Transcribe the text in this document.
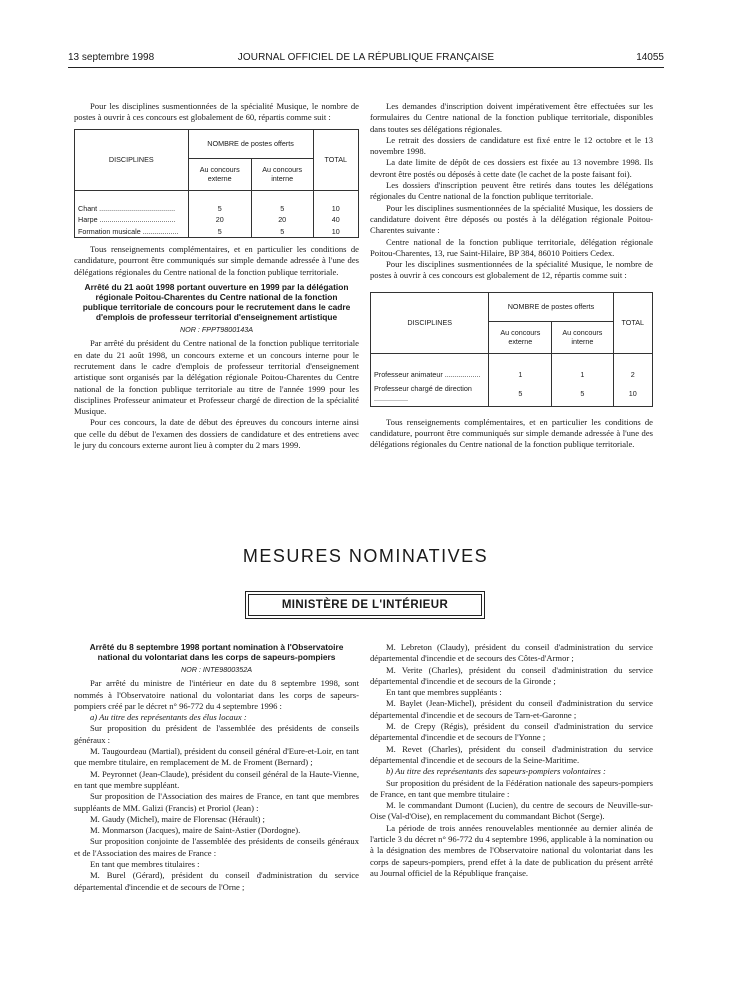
13 septembre 1998	JOURNAL OFFICIEL DE LA RÉPUBLIQUE FRANÇAISE	14055

Pour les disciplines susmentionnées de la spécialité Musique, le nombre de postes à ouvrir à ces concours est globalement de 60, répartis comme suit :

DISCIPLINES	NOMBRE de postes offerts		TOTAL
	Au concours externe	Au concours interne	

Chant ......................................	5	5	10
Harpe ......................................	20	20	40
Formation musicale ..................	5	5	10

Tous renseignements complémentaires, et en particulier les conditions de candidature, pourront être communiqués sur simple demande adressée à l'une des délégations régionales du Centre national de la fonction publique territoriale.

Arrêté du 21 août 1998 portant ouverture en 1999 par la délégation régionale Poitou-Charentes du Centre national de la fonction publique territoriale de concours pour le recrutement dans le cadre d'emplois de professeur territorial d'enseignement artistique
NOR : FPPT9800143A

Par arrêté du président du Centre national de la fonction publique territoriale en date du 21 août 1998, un concours externe et un concours interne pour le recrutement dans le cadre d'emplois de professeur territorial d'enseignement artistique sont organisés par la délégation régionale Poitou-Charentes du Centre national de la fonction publique territoriale au titre de l'année 1999 pour les disciplines Professeur animateur et Professeur chargé de direction de la spécialité Musique.

Pour ces concours, la date de début des épreuves du concours interne ainsi que celle du début de l'examen des dossiers de candidature et des entretiens avec le jury du concours externe auront lieu à compter du 2 mars 1999.

Les demandes d'inscription doivent impérativement être effectuées sur les formulaires du Centre national de la fonction publique territoriale, disponibles dans toutes ses délégations régionales.

Le retrait des dossiers de candidature est fixé entre le 12 octobre et le 13 novembre 1998.

La date limite de dépôt de ces dossiers est fixée au 13 novembre 1998. Ils devront être postés ou déposés à cette date (le cachet de la poste faisant foi).

Les dossiers d'inscription peuvent être retirés dans toutes les délégations régionales du Centre national de la fonction publique territoriale.

Pour les disciplines susmentionnées de la spécialité Musique, les dossiers de candidature doivent être déposés ou postés à la délégation régionale Poitou-Charentes suivante :

Centre national de la fonction publique territoriale, délégation régionale Poitou-Charentes, 13, rue Saint-Hilaire, BP 384, 86010 Poitiers Cedex.

Pour les disciplines susmentionnées de la spécialité Musique, le nombre de postes à ouvrir à ces concours est globalement de 12, répartis comme suit :

DISCIPLINES	NOMBRE de postes offerts		TOTAL
	Au concours externe	Au concours interne	

Professeur animateur ..................	1	1	2
Professeur chargé de direction .................	5	5	10

Tous renseignements complémentaires, et en particulier les conditions de candidature, pourront être communiqués sur simple demande adressée à l'une des délégations régionales du Centre national de la fonction publique territoriale.

MESURES NOMINATIVES
MINISTÈRE DE L'INTÉRIEUR
Arrêté du 8 septembre 1998 portant nomination à l'Observatoire national du volontariat dans les corps de sapeurs-pompiers
NOR : INTE9800352A

Par arrêté du ministre de l'intérieur en date du 8 septembre 1998, sont nommés à l'Observatoire national du volontariat dans les corps de sapeurs-pompiers créé par le décret n° 96-772 du 4 septembre 1996 :

a) Au titre des représentants des élus locaux :

Sur proposition du président de l'assemblée des présidents de conseils généraux :

M. Taugourdeau (Martial), président du conseil général d'Eure-et-Loir, en tant que membre titulaire, en remplacement de M. de Froment (Bernard) ;

M. Peyronnet (Jean-Claude), président du conseil général de la Haute-Vienne, en tant que membre suppléant.

Sur proposition de l'Association des maires de France, en tant que membres suppléants de MM. Galizi (Francis) et Proriol (Jean) :

M. Gaudy (Michel), maire de Florensac (Hérault) ;

M. Monmarson (Jacques), maire de Saint-Astier (Dordogne).

Sur proposition conjointe de l'assemblée des présidents de conseils généraux et de l'Association des maires de France :

En tant que membres titulaires :

M. Burel (Gérard), président du conseil d'administration du service départemental d'incendie et de secours de l'Orne ;

M. Lebreton (Claudy), président du conseil d'administration du service départemental d'incendie et de secours des Côtes-d'Armor ;

M. Verite (Charles), président du conseil d'administration du service départemental d'incendie et de secours de la Gironde ;

En tant que membres suppléants :

M. Baylet (Jean-Michel), président du conseil d'administration du service départemental d'incendie et de secours de Tarn-et-Garonne ;

M. de Crepy (Régis), président du conseil d'administration du service départemental d'incendie et de secours de l'Yonne ;

M. Revet (Charles), président du conseil d'administration du service départemental d'incendie et de secours de la Seine-Maritime.

b) Au titre des représentants des sapeurs-pompiers volontaires :

Sur proposition du président de la Fédération nationale des sapeurs-pompiers de France, en tant que membre titulaire :

M. le commandant Dumont (Lucien), du centre de secours de Neuville-sur-Oise (Val-d'Oise), en remplacement du commandant Bichot (Serge).

La période de trois années renouvelables mentionnée au dernier alinéa de l'article 3 du décret n° 96-772 du 4 septembre 1996, applicable à la nomination ou à la désignation des membres de l'Observatoire national du volontariat dans les corps de sapeurs-pompiers, prend effet à la date de publication du présent arrêté au Journal officiel de la République française.
